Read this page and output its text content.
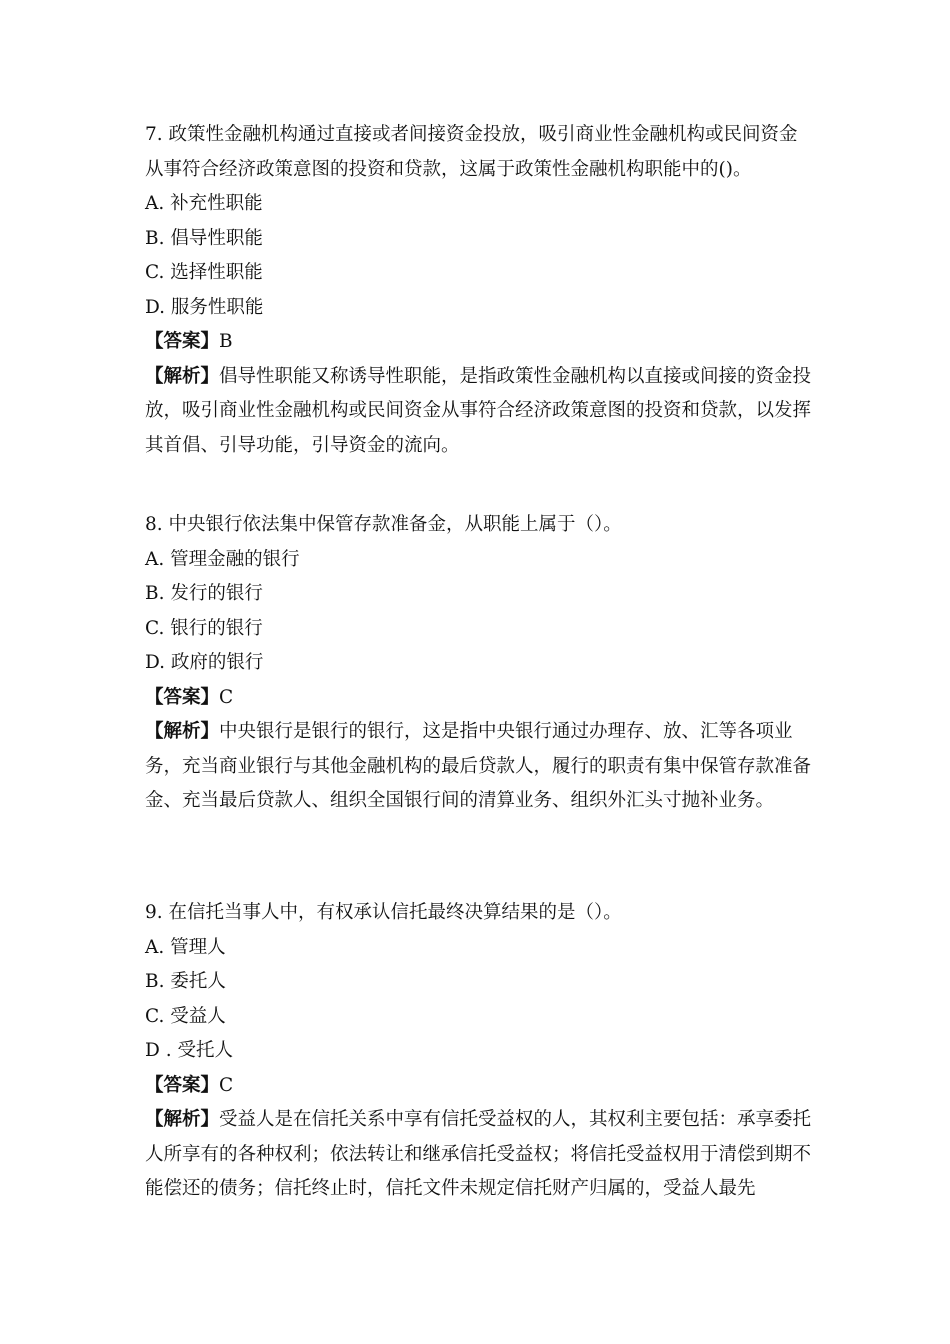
7. 政策性金融机构通过直接或者间接资金投放，吸引商业性金融机构或民间资金从事符合经济政策意图的投资和贷款，这属于政策性金融机构职能中的()。
A. 补充性职能
B. 倡导性职能
C. 选择性职能
D. 服务性职能
【答案】B
【解析】倡导性职能又称诱导性职能，是指政策性金融机构以直接或间接的资金投放，吸引商业性金融机构或民间资金从事符合经济政策意图的投资和贷款，以发挥其首倡、引导功能，引导资金的流向。
8. 中央银行依法集中保管存款准备金，从职能上属于（）。
A. 管理金融的银行
B. 发行的银行
C. 银行的银行
D. 政府的银行
【答案】C
【解析】中央银行是银行的银行，这是指中央银行通过办理存、放、汇等各项业务，充当商业银行与其他金融机构的最后贷款人，履行的职责有集中保管存款准备金、充当最后贷款人、组织全国银行间的清算业务、组织外汇头寸抛补业务。
9. 在信托当事人中，有权承认信托最终决算结果的是（）。
A. 管理人
B. 委托人
C. 受益人
D . 受托人
【答案】C
【解析】受益人是在信托关系中享有信托受益权的人，其权利主要包括：承享委托人所享有的各种权利；依法转让和继承信托受益权；将信托受益权用于清偿到期不能偿还的债务；信托终止时，信托文件未规定信托财产归属的，受益人最先
